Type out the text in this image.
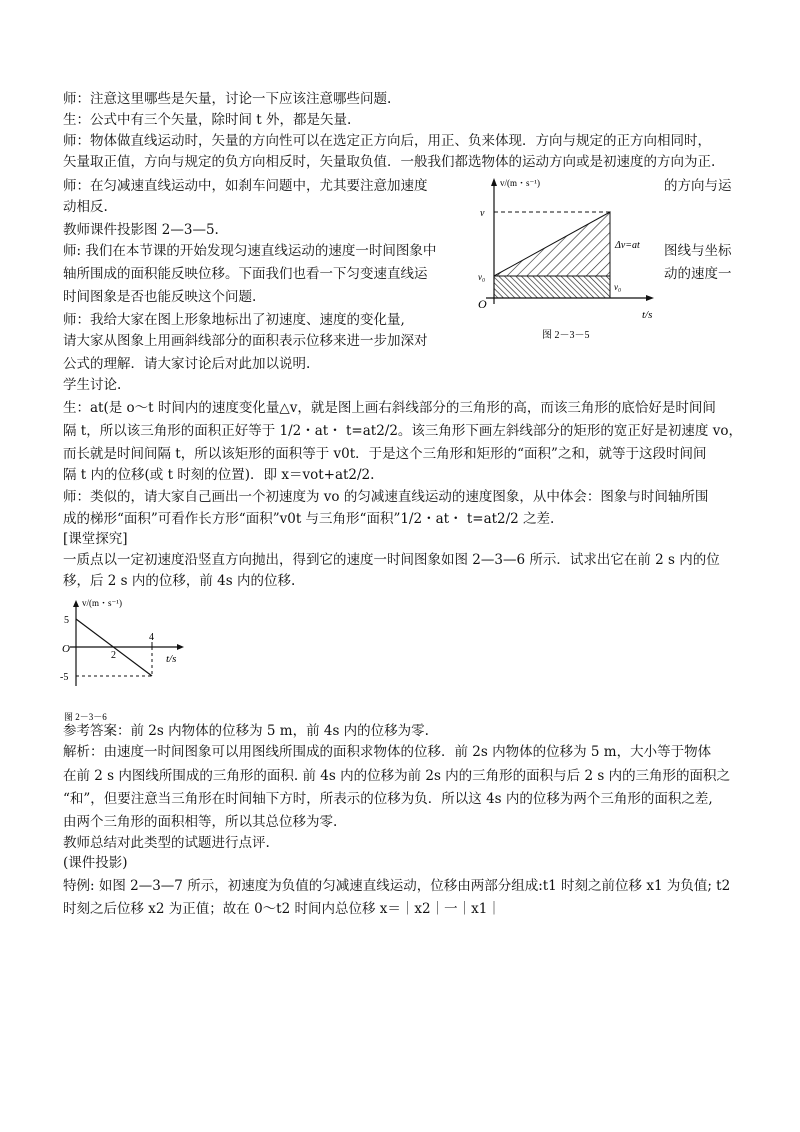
师：注意这里哪些是矢量，讨论一下应该注意哪些问题.
生：公式中有三个矢量，除时间 t 外，都是矢量.
师：物体做直线运动时，矢量的方向性可以在选定正方向后，用正、负来体现．方向与规定的正方向相同时，
矢量取正值，方向与规定的负方向相反时，矢量取负值．一般我们都选物体的运动方向或是初速度的方向为正.
师：在匀减速直线运动中，如刹车问题中，尤其要注意加速度	的方向与运
动相反.
教师课件投影图 2—3—5.
师: 我们在本节课的开始发现匀速直线运动的速度一时间图象中	图线与坐标
轴所围成的面积能反映位移。下面我们也看一下匀变速直线运	动的速度一
时间图象是否也能反映这个问题.
师：我给大家在图上形象地标出了初速度、速度的变化量,
请大家从图象上用画斜线部分的面积表示位移来进一步加深对
公式的理解．请大家讨论后对此加以说明.
学生讨论.
生：at(是 o～t 时间内的速度变化量△v，就是图上画右斜线部分的三角形的高，而该三角形的底恰好是时间间
隔 t，所以该三角形的面积正好等于 1/2・at・ t=at2/2。该三角形下画左斜线部分的矩形的宽正好是初速度 vo，
而长就是时间间隔 t，所以该矩形的面积等于 v0t．于是这个三角形和矩形的“面积”之和，就等于这段时间间
隔 t 内的位移(或 t 时刻的位置)．即 x＝vot+at2/2.
师：类似的，请大家自己画出一个初速度为 vo 的匀减速直线运动的速度图象，从中体会：图象与时间轴所围
成的梯形“面积”可看作长方形“面积”v0t 与三角形“面积”1/2・at・ t=at2/2 之差.
[课堂探究]
一质点以一定初速度沿竖直方向抛出，得到它的速度一时间图象如图 2—3—6 所示．试求出它在前 2 s 内的位
移，后 2 s 内的位移，前 4s 内的位移.
参考答案：前 2s 内物体的位移为 5 m，前 4s 内的位移为零.
解析：由速度一时间图象可以用图线所围成的面积求物体的位移．前 2s 内物体的位移为 5 m，大小等于物体
在前 2 s 内图线所围成的三角形的面积. 前 4s 内的位移为前 2s 内的三角形的面积与后 2 s 内的三角形的面积之
“和”，但要注意当三角形在时间轴下方时，所表示的位移为负．所以这 4s 内的位移为两个三角形的面积之差,
由两个三角形的面积相等，所以其总位移为零.
教师总结对此类型的试题进行点评.
(课件投影)
特例: 如图 2—3—7 所示，初速度为负值的匀减速直线运动，位移由两部分组成:t1 时刻之前位移 x1 为负值; t2
时刻之后位移 x2 为正值；故在 0～t2 时间内总位移 x＝｜x2｜一｜x1｜
v/(m・s⁻¹)
t/s
v
v₀
O
Δv=at
v₀
图 2－3－5
v/(m・s⁻¹)
5
-5
O
2
4
t/s
图 2－3－6
